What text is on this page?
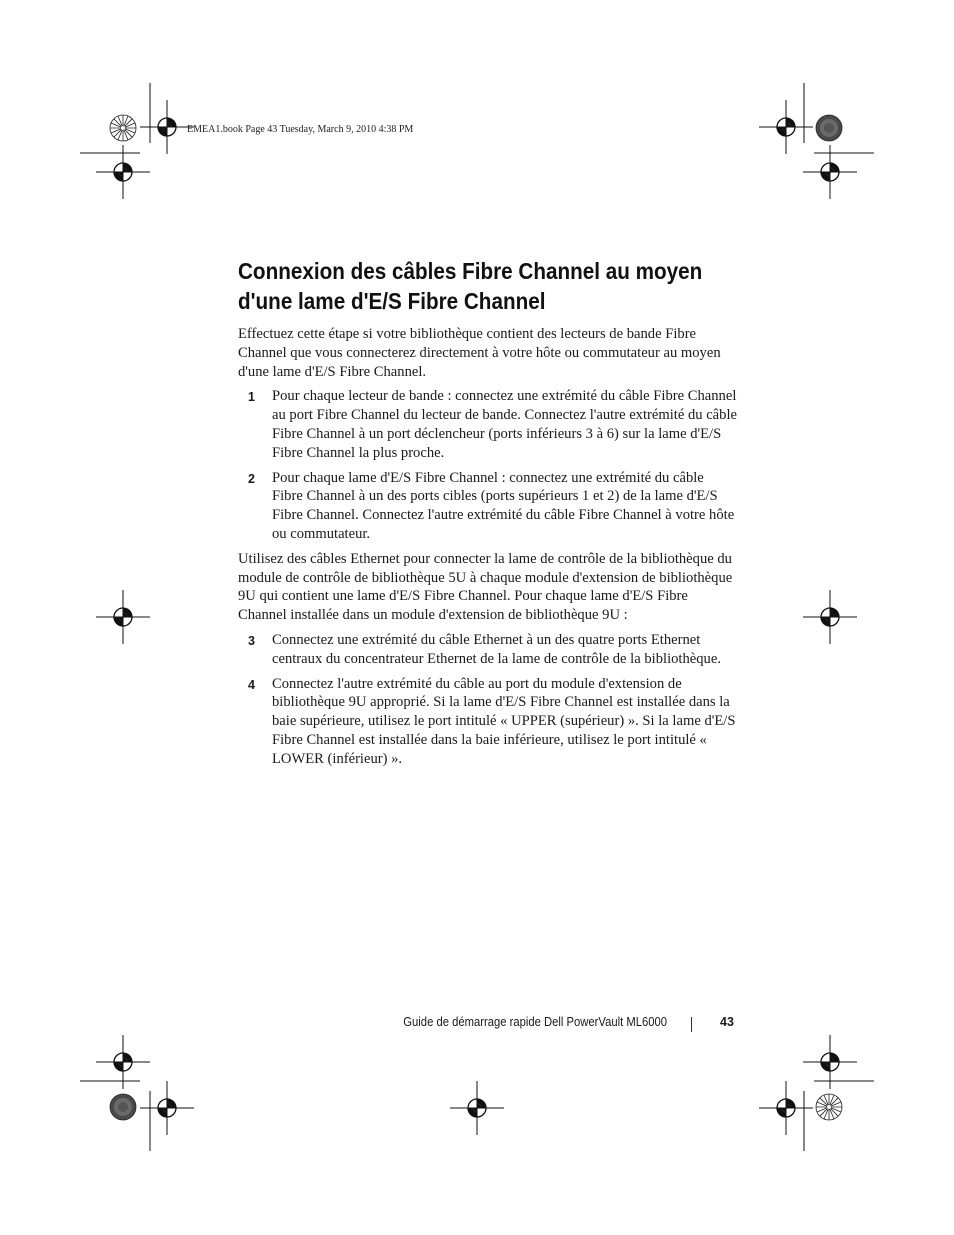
EMEA1.book Page 43 Tuesday, March 9, 2010 4:38 PM
Connexion des câbles Fibre Channel au moyen d'une lame d'E/S Fibre Channel

Effectuez cette étape si votre bibliothèque contient des lecteurs de bande Fibre Channel que vous connecterez directement à votre hôte ou commutateur au moyen d'une lame d'E/S Fibre Channel.

1	Pour chaque lecteur de bande : connectez une extrémité du câble Fibre Channel au port Fibre Channel du lecteur de bande. Connectez l'autre extrémité du câble Fibre Channel à un port déclencheur (ports inférieurs 3 à 6) sur la lame d'E/S Fibre Channel la plus proche.
2	Pour chaque lame d'E/S Fibre Channel : connectez une extrémité du câble Fibre Channel à un des ports cibles (ports supérieurs 1 et 2) de la lame d'E/S Fibre Channel. Connectez l'autre extrémité du câble Fibre Channel à votre hôte ou commutateur.

Utilisez des câbles Ethernet pour connecter la lame de contrôle de la bibliothèque du module de contrôle de bibliothèque 5U à chaque module d'extension de bibliothèque 9U qui contient une lame d'E/S Fibre Channel. Pour chaque lame d'E/S Fibre Channel installée dans un module d'extension de bibliothèque 9U :

3	Connectez une extrémité du câble Ethernet à un des quatre ports Ethernet centraux du concentrateur Ethernet de la lame de contrôle de la bibliothèque.
4	Connectez l'autre extrémité du câble au port du module d'extension de bibliothèque 9U approprié. Si la lame d'E/S Fibre Channel est installée dans la baie supérieure, utilisez le port intitulé « UPPER (supérieur) ». Si la lame d'E/S Fibre Channel est installée dans la baie inférieure, utilisez le port intitulé « LOWER (inférieur) ».
Guide de démarrage rapide Dell PowerVault ML6000	43
